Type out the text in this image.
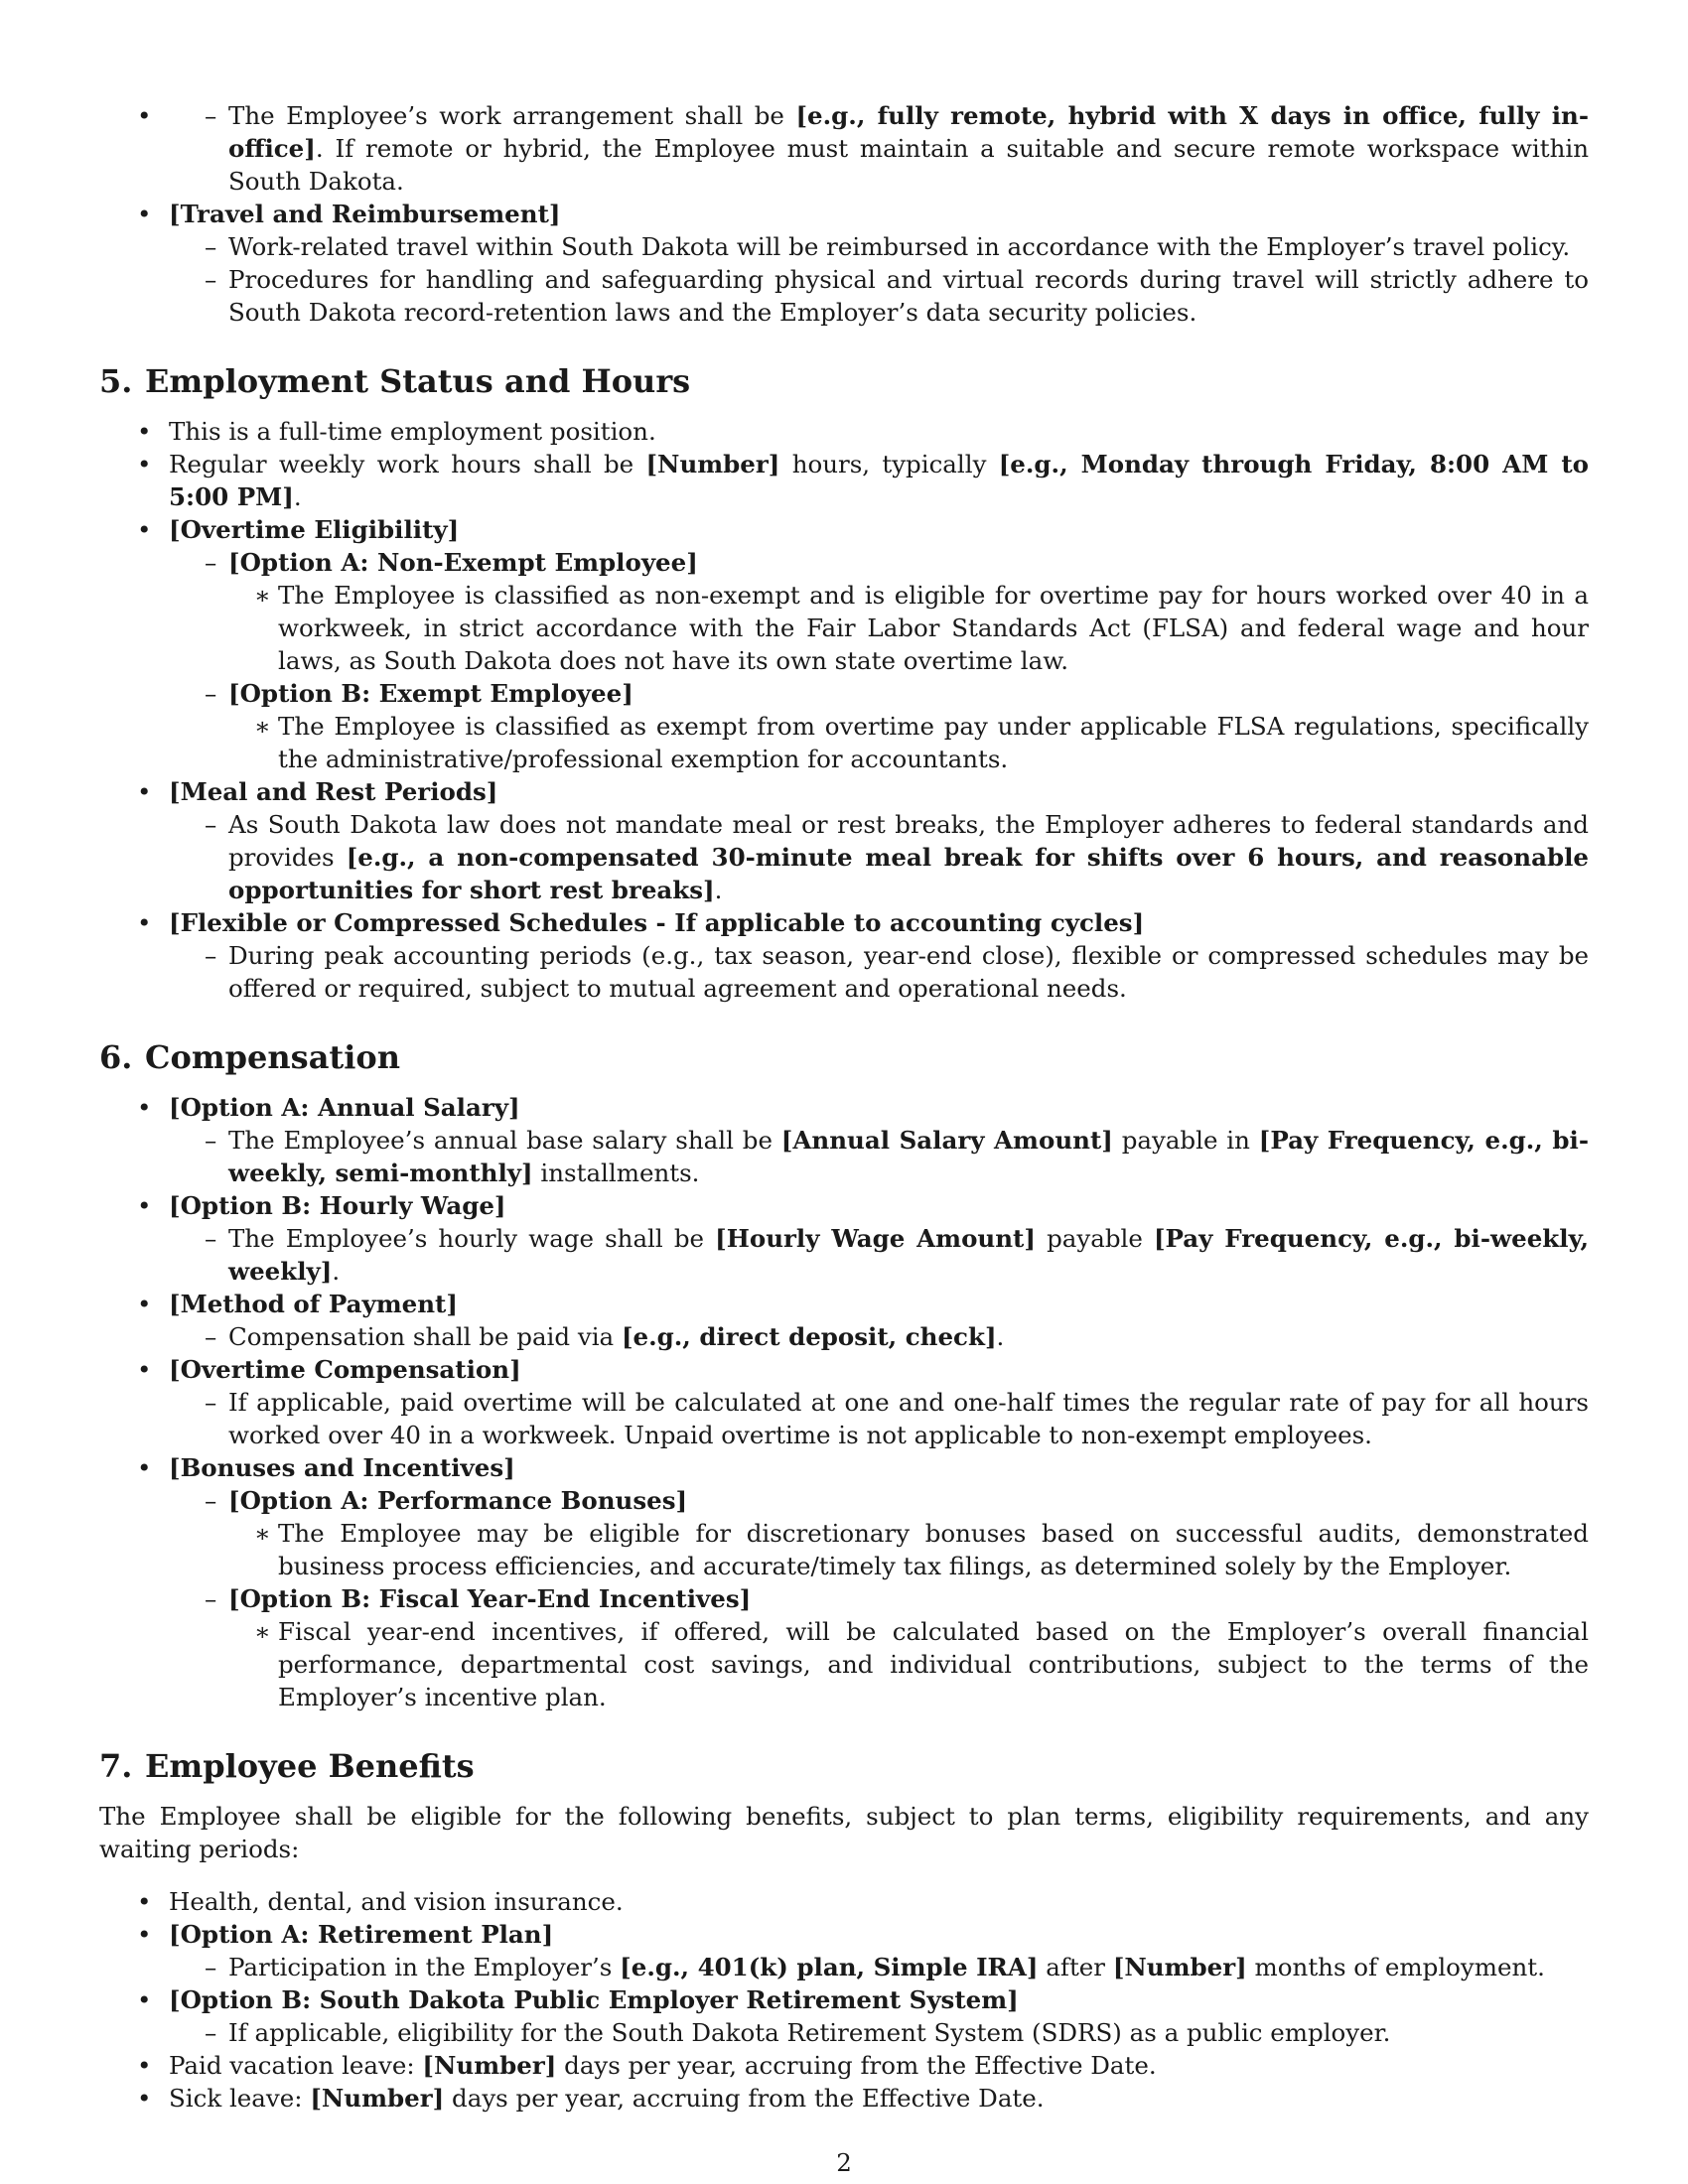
– • The Employee’s work arrangement shall be [e.g., fully remote, hybrid with X days in office, fully in-office]. If remote or hybrid, the Employee must maintain a suitable and secure remote workspace within South Dakota.
• [Travel and Reimbursement]
– Work-related travel within South Dakota will be reimbursed in accordance with the Employer’s travel policy.
– Procedures for handling and safeguarding physical and virtual records during travel will strictly adhere to South Dakota record-retention laws and the Employer’s data security policies.
5. Employment Status and Hours
• This is a full-time employment position.
• Regular weekly work hours shall be [Number] hours, typically [e.g., Monday through Friday, 8:00 AM to 5:00 PM].
• [Overtime Eligibility]
– [Option A: Non-Exempt Employee]
∗ The Employee is classified as non-exempt and is eligible for overtime pay for hours worked over 40 in a workweek, in strict accordance with the Fair Labor Standards Act (FLSA) and federal wage and hour laws, as South Dakota does not have its own state overtime law.
– [Option B: Exempt Employee]
∗ The Employee is classified as exempt from overtime pay under applicable FLSA regulations, specifically the administrative/professional exemption for accountants.
• [Meal and Rest Periods]
– As South Dakota law does not mandate meal or rest breaks, the Employer adheres to federal standards and provides [e.g., a non-compensated 30-minute meal break for shifts over 6 hours, and reasonable opportunities for short rest breaks].
• [Flexible or Compressed Schedules - If applicable to accounting cycles]
– During peak accounting periods (e.g., tax season, year-end close), flexible or compressed schedules may be offered or required, subject to mutual agreement and operational needs.
6. Compensation
• [Option A: Annual Salary]
– The Employee’s annual base salary shall be [Annual Salary Amount] payable in [Pay Frequency, e.g., bi-weekly, semi-monthly] installments.
• [Option B: Hourly Wage]
– The Employee’s hourly wage shall be [Hourly Wage Amount] payable [Pay Frequency, e.g., bi-weekly, weekly].
• [Method of Payment]
– Compensation shall be paid via [e.g., direct deposit, check].
• [Overtime Compensation]
– If applicable, paid overtime will be calculated at one and one-half times the regular rate of pay for all hours worked over 40 in a workweek. Unpaid overtime is not applicable to non-exempt employees.
• [Bonuses and Incentives]
– [Option A: Performance Bonuses]
∗ The Employee may be eligible for discretionary bonuses based on successful audits, demonstrated business process efficiencies, and accurate/timely tax filings, as determined solely by the Employer.
– [Option B: Fiscal Year-End Incentives]
∗ Fiscal year-end incentives, if offered, will be calculated based on the Employer’s overall financial performance, departmental cost savings, and individual contributions, subject to the terms of the Employer’s incentive plan.
7. Employee Benefits

The Employee shall be eligible for the following benefits, subject to plan terms, eligibility requirements, and any waiting periods:

• Health, dental, and vision insurance.
• [Option A: Retirement Plan]
– Participation in the Employer’s [e.g., 401(k) plan, Simple IRA] after [Number] months of employment.
• [Option B: South Dakota Public Employer Retirement System]
– If applicable, eligibility for the South Dakota Retirement System (SDRS) as a public employer.
• Paid vacation leave: [Number] days per year, accruing from the Effective Date.
• Sick leave: [Number] days per year, accruing from the Effective Date.
2
